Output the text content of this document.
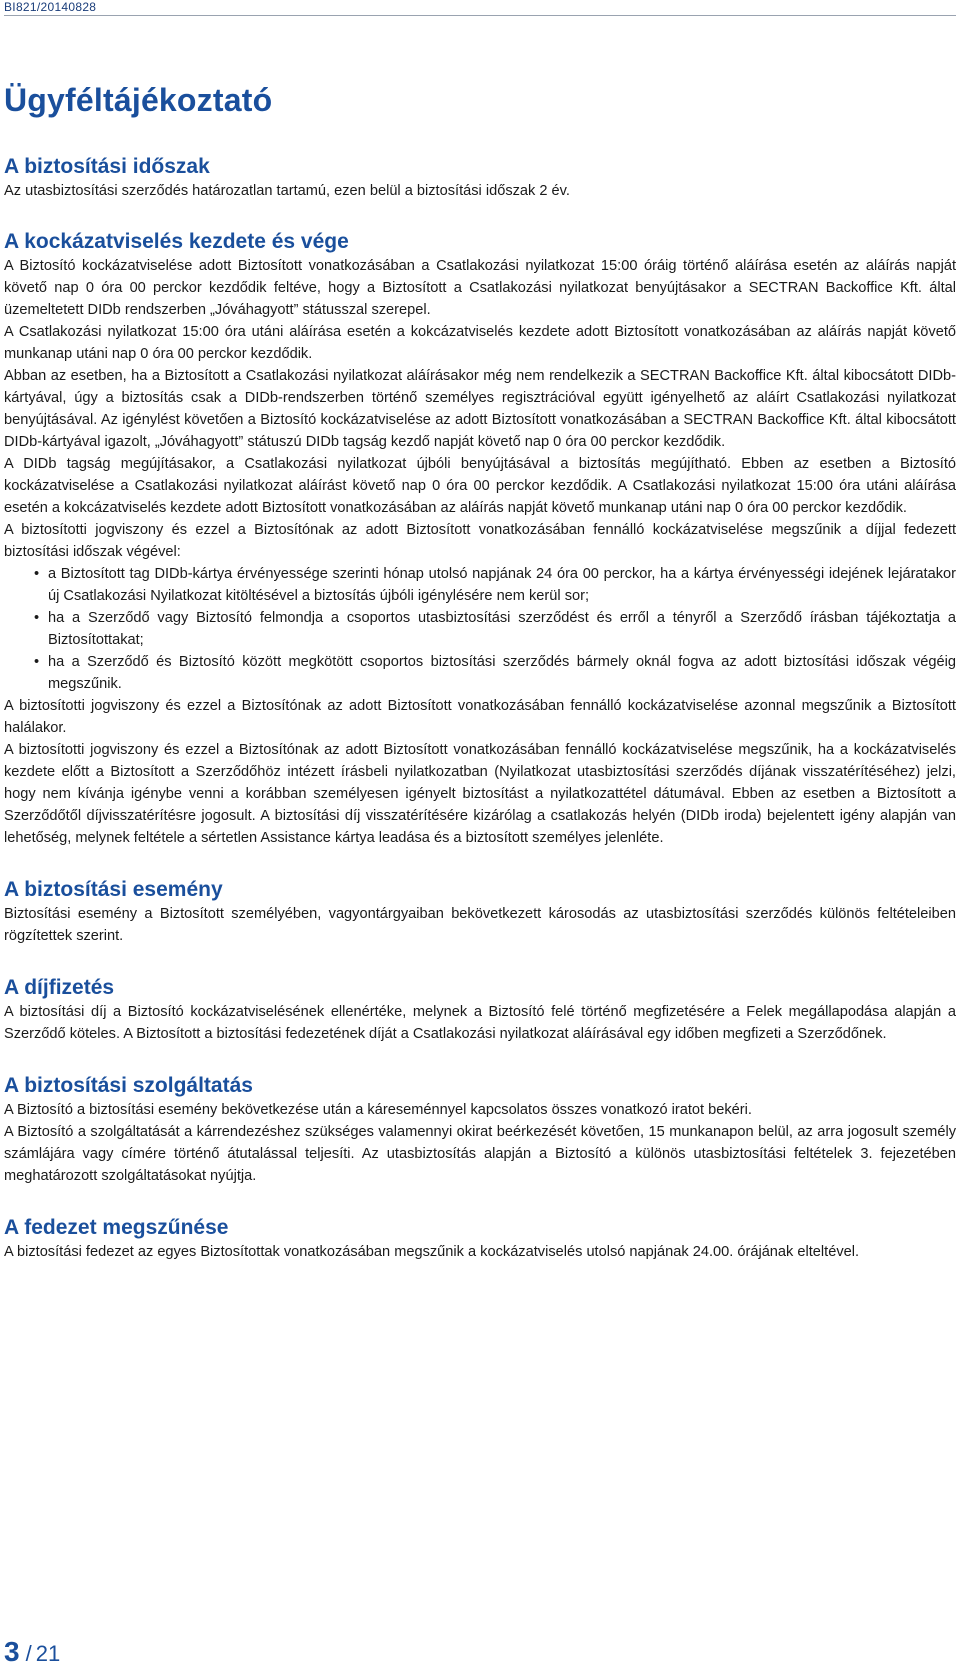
BI821/20140828
Ügyféltájékoztató
A biztosítási időszak

Az utasbiztosítási szerződés határozatlan tartamú, ezen belül a biztosítási időszak 2 év.

A kockázatviselés kezdete és vége

A Biztosító kockázatviselése adott Biztosított vonatkozásában a Csatlakozási nyilatkozat 15:00 óráig történő aláírása esetén az aláírás napját követő nap 0 óra 00 perckor kezdődik feltéve, hogy a Biztosított a Csatlakozási nyilatkozat benyújtásakor a SECTRAN Backoffice Kft. által üzemeltetett DIDb rendszerben „Jóváhagyott” státusszal szerepel.

A Csatlakozási nyilatkozat 15:00 óra utáni aláírása esetén a kokcázatviselés kezdete adott Biztosított vonatkozásában az aláírás napját követő munkanap utáni nap 0 óra 00 perckor kezdődik.

Abban az esetben, ha a Biztosított a Csatlakozási nyilatkozat aláírásakor még nem rendelkezik a SECTRAN Backoffice Kft. által kibocsátott DIDb-kártyával, úgy a biztosítás csak a DIDb-rendszerben történő személyes regisztrációval együtt igényelhető az aláírt Csatlakozási nyilatkozat benyújtásával. Az igénylést követően a Biztosító kockázatviselése az adott Biztosított vonatkozásában a SECTRAN Backoffice Kft. által kibocsátott DIDb-kártyával igazolt, „Jóváhagyott” státuszú DIDb tagság kezdő napját követő nap 0 óra 00 perckor kezdődik.

A DIDb tagság megújításakor, a Csatlakozási nyilatkozat újbóli benyújtásával a biztosítás megújítható. Ebben az esetben a Biztosító kockázatviselése a Csatlakozási nyilatkozat aláírást követő nap 0 óra 00 perckor kezdődik. A Csatlakozási nyilatkozat 15:00 óra utáni aláírása esetén a kokcázatviselés kezdete adott Biztosított vonatkozásában az aláírás napját követő munkanap utáni nap 0 óra 00 perckor kezdődik.

A biztosítotti jogviszony és ezzel a Biztosítónak az adott Biztosított vonatkozásában fennálló kockázatviselése megszűnik a díjjal fedezett biztosítási időszak végével:

• a Biztosított tag DIDb-kártya érvényessége szerinti hónap utolsó napjának 24 óra 00 perckor, ha a kártya érvényességi idejének lejáratakor új Csatlakozási Nyilatkozat kitöltésével a biztosítás újbóli igénylésére nem kerül sor;
• ha a Szerződő vagy Biztosító felmondja a csoportos utasbiztosítási szerződést és erről a tényről a Szerződő írásban tájékoztatja a Biztosítottakat;
• ha a Szerződő és Biztosító között megkötött csoportos biztosítási szerződés bármely oknál fogva az adott biztosítási időszak végéig megszűnik.

A biztosítotti jogviszony és ezzel a Biztosítónak az adott Biztosított vonatkozásában fennálló kockázatviselése azonnal megszűnik a Biztosított halálakor.

A biztosítotti jogviszony és ezzel a Biztosítónak az adott Biztosított vonatkozásában fennálló kockázatviselése megszűnik, ha a kockázatviselés kezdete előtt a Biztosított a Szerződőhöz intézett írásbeli nyilatkozatban (Nyilatkozat utasbiztosítási szerződés díjának visszatérítéséhez) jelzi, hogy nem kívánja igénybe venni a korábban személyesen igényelt biztosítást a nyilatkozattétel dátumával. Ebben az esetben a Biztosított a Szerződőtől díjvisszatérítésre jogosult. A biztosítási díj visszatérítésére kizárólag a csatlakozás helyén (DIDb iroda) bejelentett igény alapján van lehetőség, melynek feltétele a sértetlen Assistance kártya leadása és a biztosított személyes jelenléte.

A biztosítási esemény

Biztosítási esemény a Biztosított személyében, vagyontárgyaiban bekövetkezett károsodás az utasbiztosítási szerződés különös feltételeiben rögzítettek szerint.

A díjfizetés

A biztosítási díj a Biztosító kockázatviselésének ellenértéke, melynek a Biztosító felé történő megfizetésére a Felek megállapodása alapján a Szerződő köteles. A Biztosított a biztosítási fedezetének díját a Csatlakozási nyilatkozat aláírásával egy időben megfizeti a Szerződőnek.

A biztosítási szolgáltatás

A Biztosító a biztosítási esemény bekövetkezése után a káreseménnyel kapcsolatos összes vonatkozó iratot bekéri.

A Biztosító a szolgáltatását a kárrendezéshez szükséges valamennyi okirat beérkezését követően, 15 munkanapon belül, az arra jogosult személy számlájára vagy címére történő átutalással teljesíti. Az utasbiztosítás alapján a Biztosító a különös utasbiztosítási feltételek 3. fejezetében meghatározott szolgáltatásokat nyújtja.

A fedezet megszűnése

A biztosítási fedezet az egyes Biztosítottak vonatkozásában megszűnik a kockázatviselés utolsó napjának 24.00. órájának elteltével.

3 / 21
